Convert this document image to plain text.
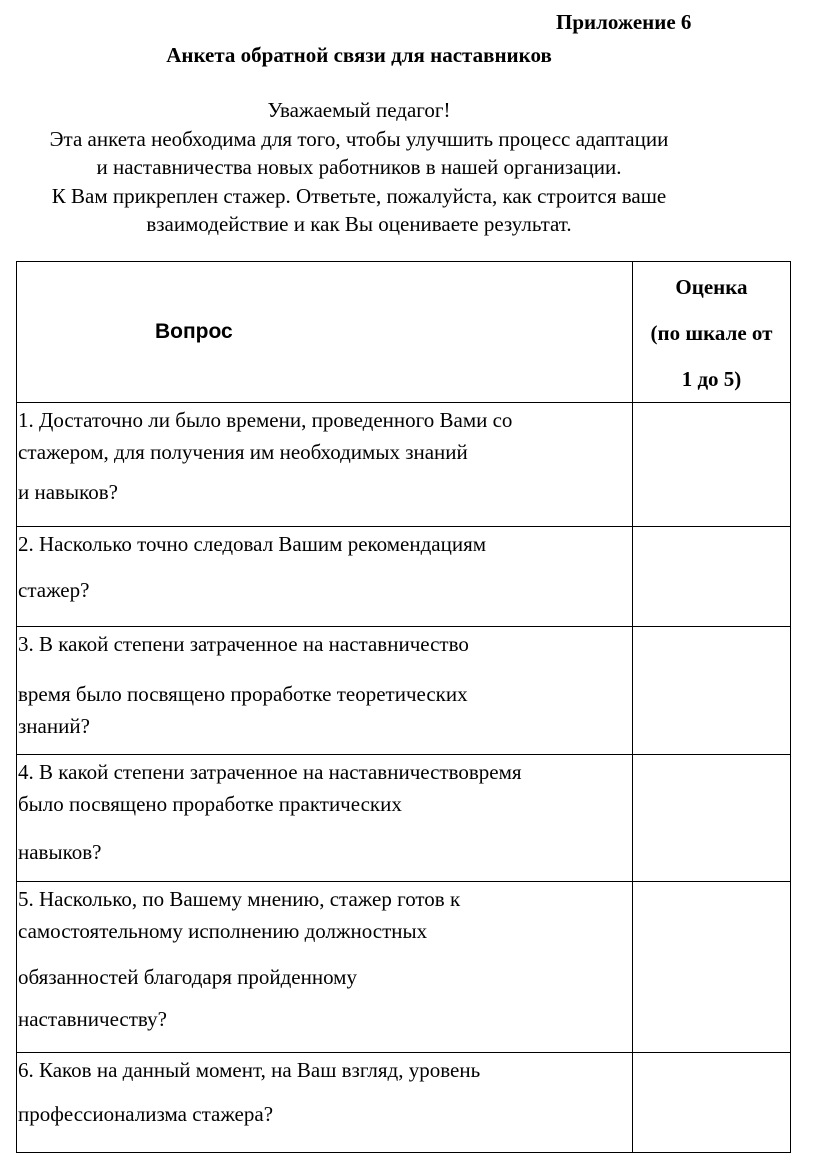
Приложение 6
Анкета обратной связи для наставников
Уважаемый педагог!
Эта анкета необходима для того, чтобы улучшить процесс адаптации
и наставничества новых работников в нашей организации.
К Вам прикреплен стажер. Ответьте, пожалуйста, как строится ваше
взаимодействие и как Вы оцениваете результат.
Вопрос	Оценка
(по шкале от
1 до 5)

1. Достаточно ли было времени, проведенного Вами со
стажером, для получения им необходимых знаний
и навыков?	

2. Насколько точно следовал Вашим рекомендациям
стажер?	

3. В какой степени затраченное на наставничество
время было посвящено проработке теоретических
знаний?	

4. В какой степени затраченное на наставничествовремя
было посвящено проработке практических
навыков?	

5. Насколько, по Вашему мнению, стажер готов к
самостоятельному исполнению должностных
обязанностей благодаря пройденному
наставничеству?	

6. Каков на данный момент, на Ваш взгляд, уровень
профессионализма стажера?	
